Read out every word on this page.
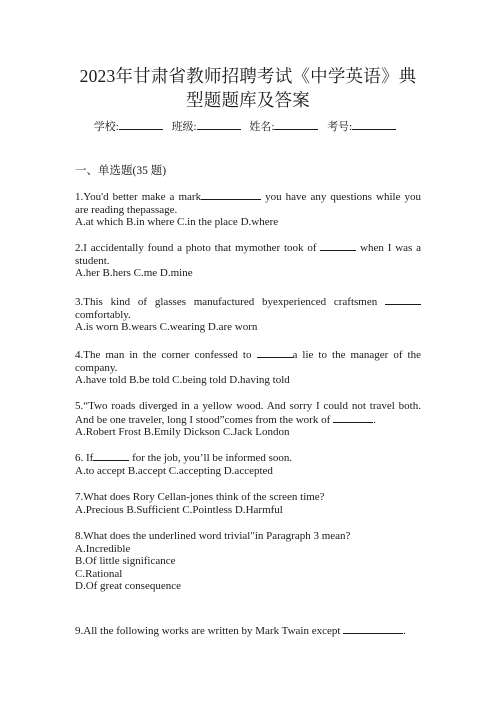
2023年甘肃省教师招聘考试《中学英语》典
型题题库及答案
学校:	班级:	姓名:	考号:
一、单选题(35 题)

1.You'd better make a mark	you have any questions while you are reading thepassage.

A.at which B.in where C.in the place D.where

2.I accidentally found a photo that mymother took of	when I was a student.

A.her B.hers C.me D.mine

3.This kind of glasses manufactured byexperienced craftsmen  comfortably.

A.is worn B.wears C.wearing D.are worn

4.The man in the corner confessed to	a lie to the manager of the company.

A.have told B.be told C.being told D.having told

5.“Two roads diverged in a yellow wood. And sorry I could not travel both. And be one traveler, long I stood”comes from the work of	.

A.Robert Frost B.Emily Dickson C.Jack London

6. If	for the job, you’ll be informed soon.

A.to accept B.accept C.accepting D.accepted

7.What does Rory Cellan-jones think of the screen time?

A.Precious B.Sufficient C.Pointless D.Harmful

8.What does the underlined word trivial"in Paragraph 3 mean?

A.Incredible

B.Of little significance

C.Rational

D.Of great consequence

9.All the following works are written by Mark Twain except	.
